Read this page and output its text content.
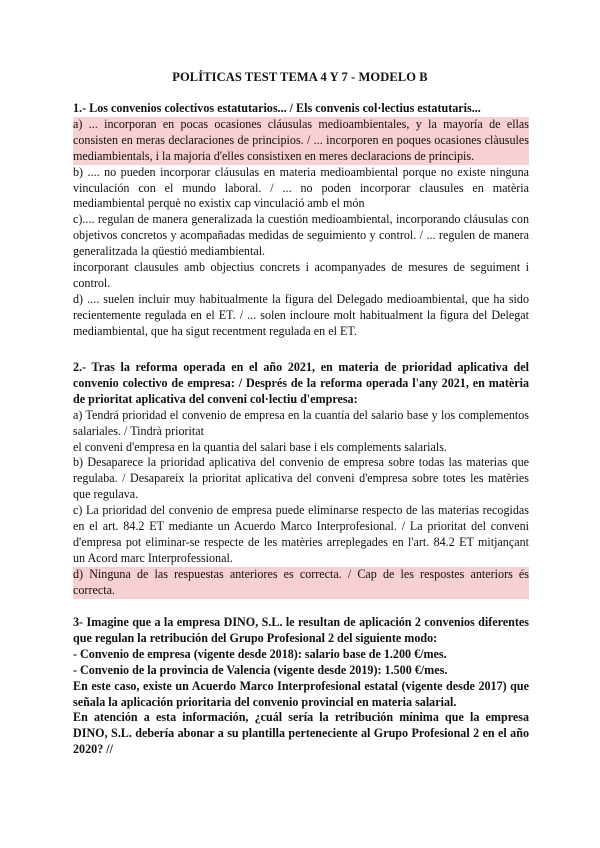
POLÍTICAS TEST TEMA 4 Y 7 - MODELO B
1.- Los convenios colectivos estatutarios... / Els convenis col·lectius estatutaris...
a) ... incorporan en pocas ocasiones cláusulas medioambientales, y la mayoría de ellas
consisten en meras declaraciones de principios. / ... incorporen en poques ocasiones clàusules
mediambientals, i la majoria d'elles consistixen en meres declaracions de principis.
b) .... no pueden incorporar cláusulas en materia medioambiental porque no existe ninguna
vinculación con el mundo laboral. / ... no poden incorporar clausules en matèria
mediambiental perquè no existix cap vinculació amb el món
c).... regulan de manera generalizada la cuestión medioambiental, incorporando cláusulas con
objetivos concretos y acompañadas medidas de seguimiento y control. / ... regulen de manera
generalitzada la qüestió mediambiental.
incorporant clausules amb objectius concrets i acompanyades de mesures de seguiment i
control.
d) .... suelen incluir muy habitualmente la figura del Delegado medioambiental, que ha sido
recientemente regulada en el ET. / ... solen incloure molt habitualment la figura del Delegat
mediambiental, que ha sigut recentment regulada en el ET.
2.- Tras la reforma operada en el año 2021, en materia de prioridad aplicativa del
convenio colectivo de empresa: / Després de la reforma operada l'any 2021, en matèria
de prioritat aplicativa del conveni col·lectiu d'empresa:
a) Tendrá prioridad el convenio de empresa en la cuantía del salario base y los complementos
salariales. / Tindrà prioritat
el conveni d'empresa en la quantia del salari base i els complements salarials.
b) Desaparece la prioridad aplicativa del convenio de empresa sobre todas las materias que
regulaba. / Desapareix la prioritat aplicativa del conveni d'empresa sobre totes les matèries
que regulava.
c) La prioridad del convenio de empresa puede eliminarse respecto de las materias recogidas
en el art. 84.2 ET mediante un Acuerdo Marco Interprofesional. / La prioritat del conveni
d'empresa pot eliminar-se respecte de les matèries arreplegades en l'art. 84.2 ET mitjançant
un Acord marc Interprofessional.
d) Ninguna de las respuestas anteriores es correcta. / Cap de les respostes anteriors és
correcta.
3- Imagine que a la empresa DINO, S.L. le resultan de aplicación 2 convenios diferentes
que regulan la retribución del Grupo Profesional 2 del siguiente modo:
- Convenio de empresa (vigente desde 2018): salario base de 1.200 €/mes.
- Convenio de la provincia de Valencia (vigente desde 2019): 1.500 €/mes.
En este caso, existe un Acuerdo Marco Interprofesional estatal (vigente desde 2017) que
señala la aplicación prioritaria del convenio provincial en materia salarial.
En atención a esta información, ¿cuál sería la retribución mínima que la empresa
DINO, S.L. debería abonar a su plantilla perteneciente al Grupo Profesional 2 en el año
2020? //
